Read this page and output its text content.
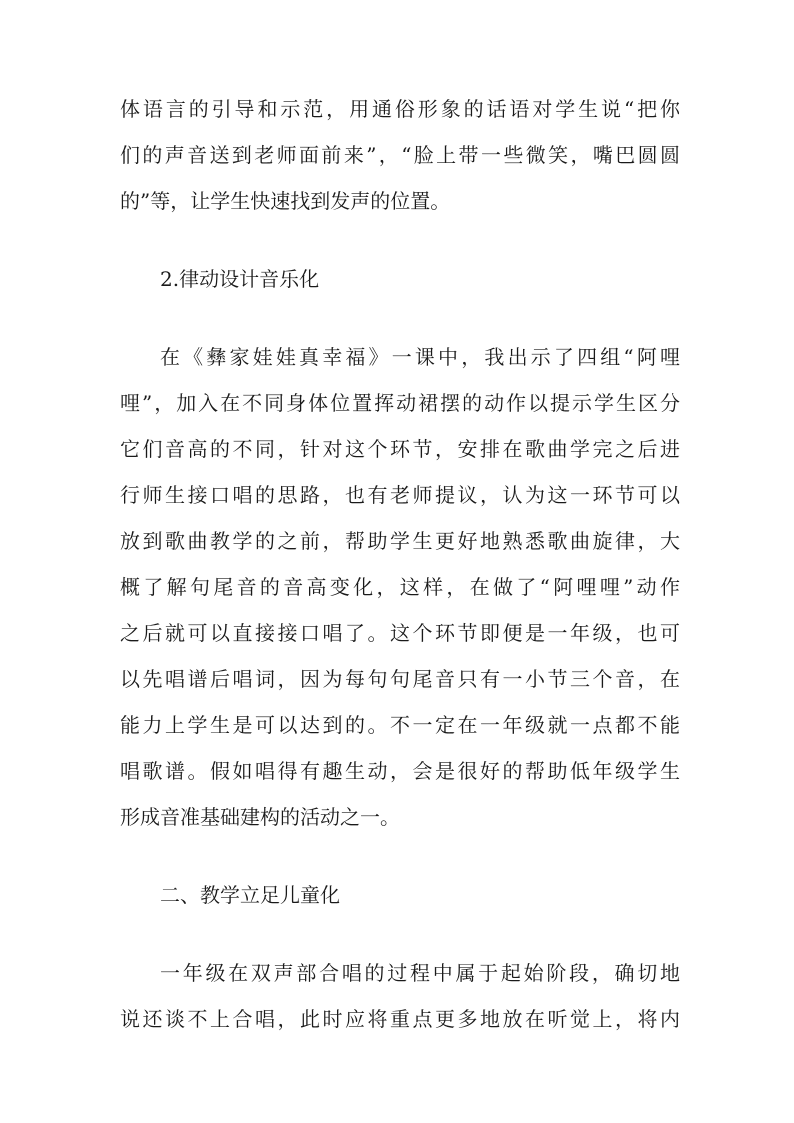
体语言的引导和示范，用通俗形象的话语对学生说“把你
们的声音送到老师面前来”，“脸上带一些微笑，嘴巴圆圆
的”等，让学生快速找到发声的位置。
2.律动设计音乐化
在《彝家娃娃真幸福》一课中，我出示了四组“阿哩
哩”，加入在不同身体位置挥动裙摆的动作以提示学生区分
它们音高的不同，针对这个环节，安排在歌曲学完之后进
行师生接口唱的思路，也有老师提议，认为这一环节可以
放到歌曲教学的之前，帮助学生更好地熟悉歌曲旋律，大
概了解句尾音的音高变化，这样，在做了“阿哩哩”动作
之后就可以直接接口唱了。这个环节即便是一年级，也可
以先唱谱后唱词，因为每句句尾音只有一小节三个音，在
能力上学生是可以达到的。不一定在一年级就一点都不能
唱歌谱。假如唱得有趣生动，会是很好的帮助低年级学生
形成音准基础建构的活动之一。
二、教学立足儿童化
一年级在双声部合唱的过程中属于起始阶段，确切地
说还谈不上合唱，此时应将重点更多地放在听觉上，将内
